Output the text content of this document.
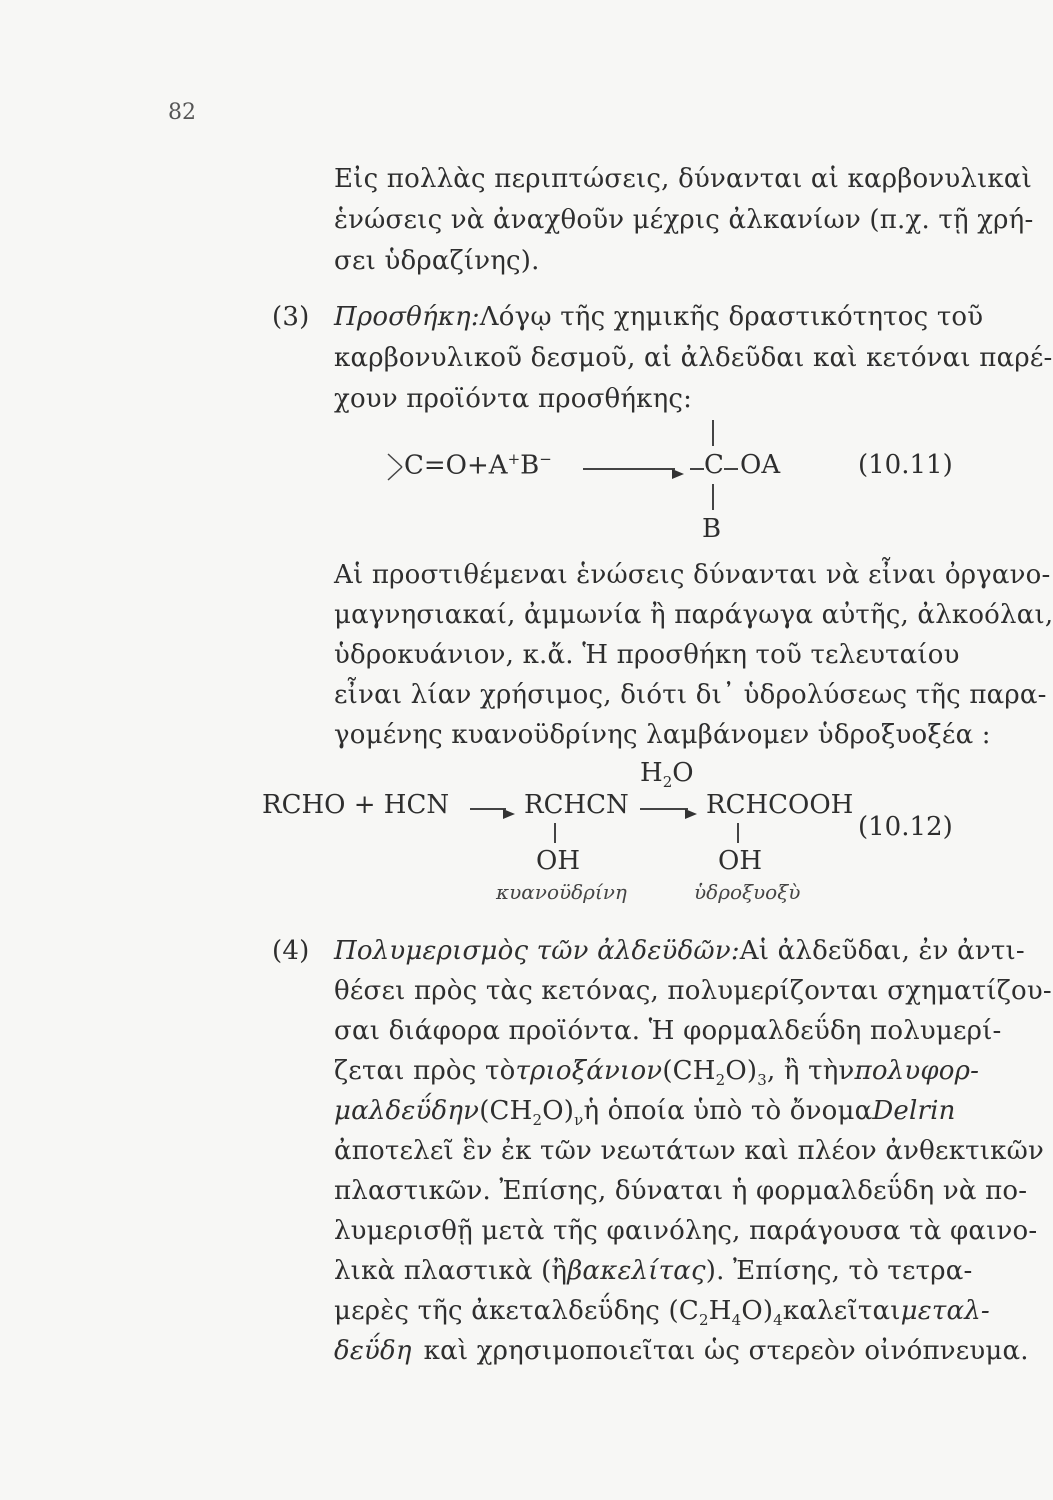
82
Εἰς πολλὰς περιπτώσεις, δύνανται αἱ καρβονυλικαὶ
ἑνώσεις νὰ ἀναχθοῦν μέχρις ἀλκανίων (π.χ. τῇ χρή-
σει ὑδραζίνης).
(3) Προσθήκη: Λόγῳ τῆς χημικῆς δραστικότητος τοῦ
καρβονυλικοῦ δεσμοῦ, αἱ ἀλδεῦδαι καὶ κετόναι παρέ-
χουν προϊόντα προσθήκης:
C=O+A+B−	C OA
B
(10.11)
Αἱ προστιθέμεναι ἑνώσεις δύνανται νὰ εἶναι ὀργανο-
μαγνησιακαί, ἀμμωνία ἢ παράγωγα αὐτῆς, ἀλκοόλαι,
ὑδροκυάνιον, κ.ἄ. Ἡ προσθήκη τοῦ τελευταίου
εἶναι λίαν χρήσιμος, διότι δι᾿ ὑδρολύσεως τῆς παρα-
γομένης κυανοϋδρίνης λαμβάνομεν ὑδροξυοξέα :
$H_2O$
RCHO + HCN	RCHCN	RCHCOOH
(10.12)
OH	OH
κυανοϋδρίνη	ὑδροξυοξὺ
(4) Πολυμερισμὸς τῶν ἀλδεϋδῶν: Αἱ ἀλδεῦδαι, ἐν ἀντι-
θέσει πρὸς τὰς κετόνας, πολυμερίζονται σχηματίζου-
σαι διάφορα προϊόντα. Ἡ φορμαλδεΰδη πολυμερί-
ζεται πρὸς τὸ τριοξάνιον $(CH_2O)_3$, ἢ τὴν πολυφορ-
μαλδεΰδην $(CH_2O)_\nu$ ἡ ὁποία ὑπὸ τὸ ὄνομα Delrin
ἀποτελεῖ ἓν ἐκ τῶν νεωτάτων καὶ πλέον ἀνθεκτικῶν
πλαστικῶν. Ἐπίσης, δύναται ἡ φορμαλδεΰδη νὰ πο-
λυμερισθῇ μετὰ τῆς φαινόλης, παράγουσα τὰ φαινο-
λικὰ πλαστικὰ (ἢ βακελίτας ). Ἐπίσης, τὸ τετρα-
μερὲς τῆς ἀκεταλδεΰδης $(C_2H_4O)_4$ καλεῖται μεταλ-
δεΰδη καὶ χρησιμοποιεῖται ὡς στερεὸν οἰνόπνευμα.
